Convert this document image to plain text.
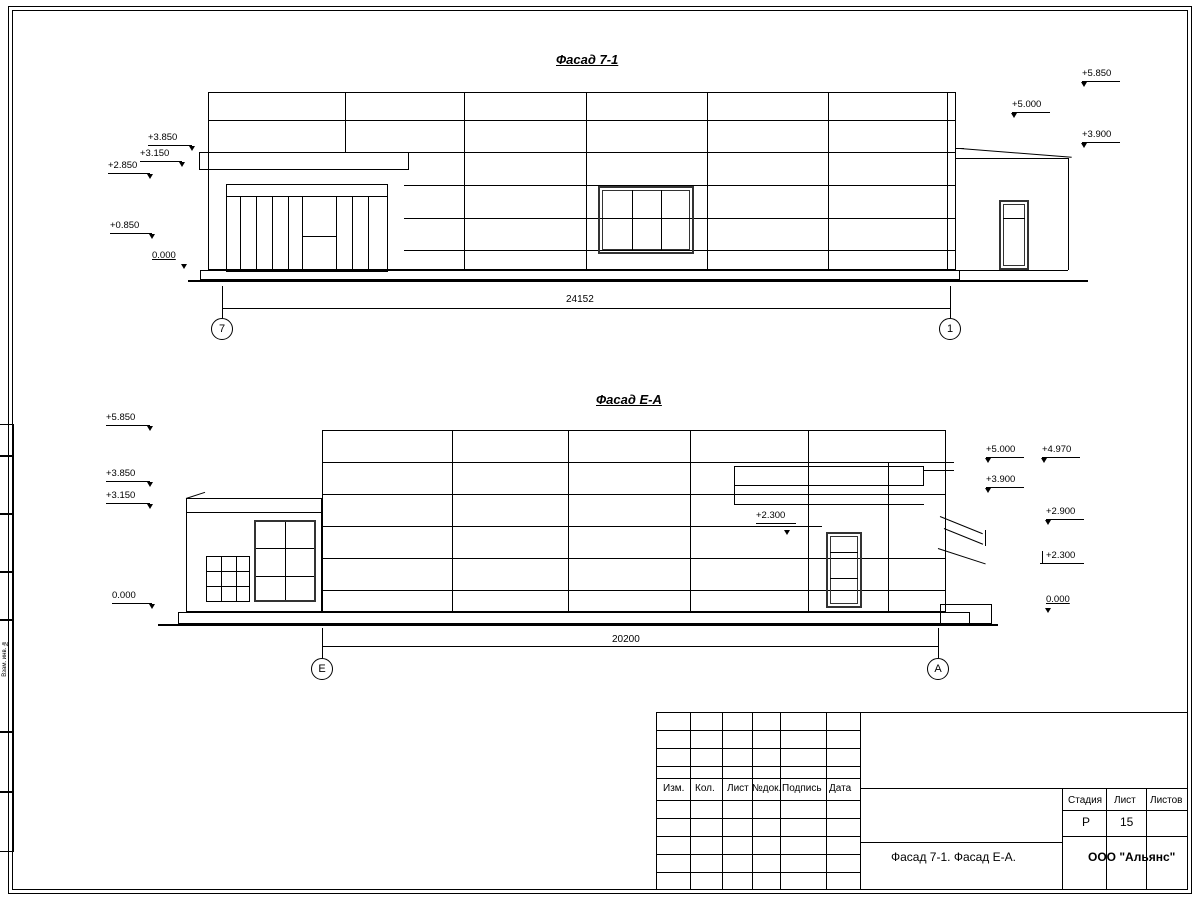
Взам. инв. №
Фасад 7-1
+3.850
+3.150
+2.850
+0.850
0.000
+5.850
+5.000
+3.900
24152
7	1
Фасад Е-А
+5.850
+3.850
+3.150
0.000
+2.300
+5.000	+4.970
+3.900
+2.900
+2.300
0.000
20200
Е	А
Изм. Кол. Лист №док. Подпись Дата
Стадия Лист Листов
Р 15
Фасад 7-1. Фасад Е-А.	ООО "Альянс"
